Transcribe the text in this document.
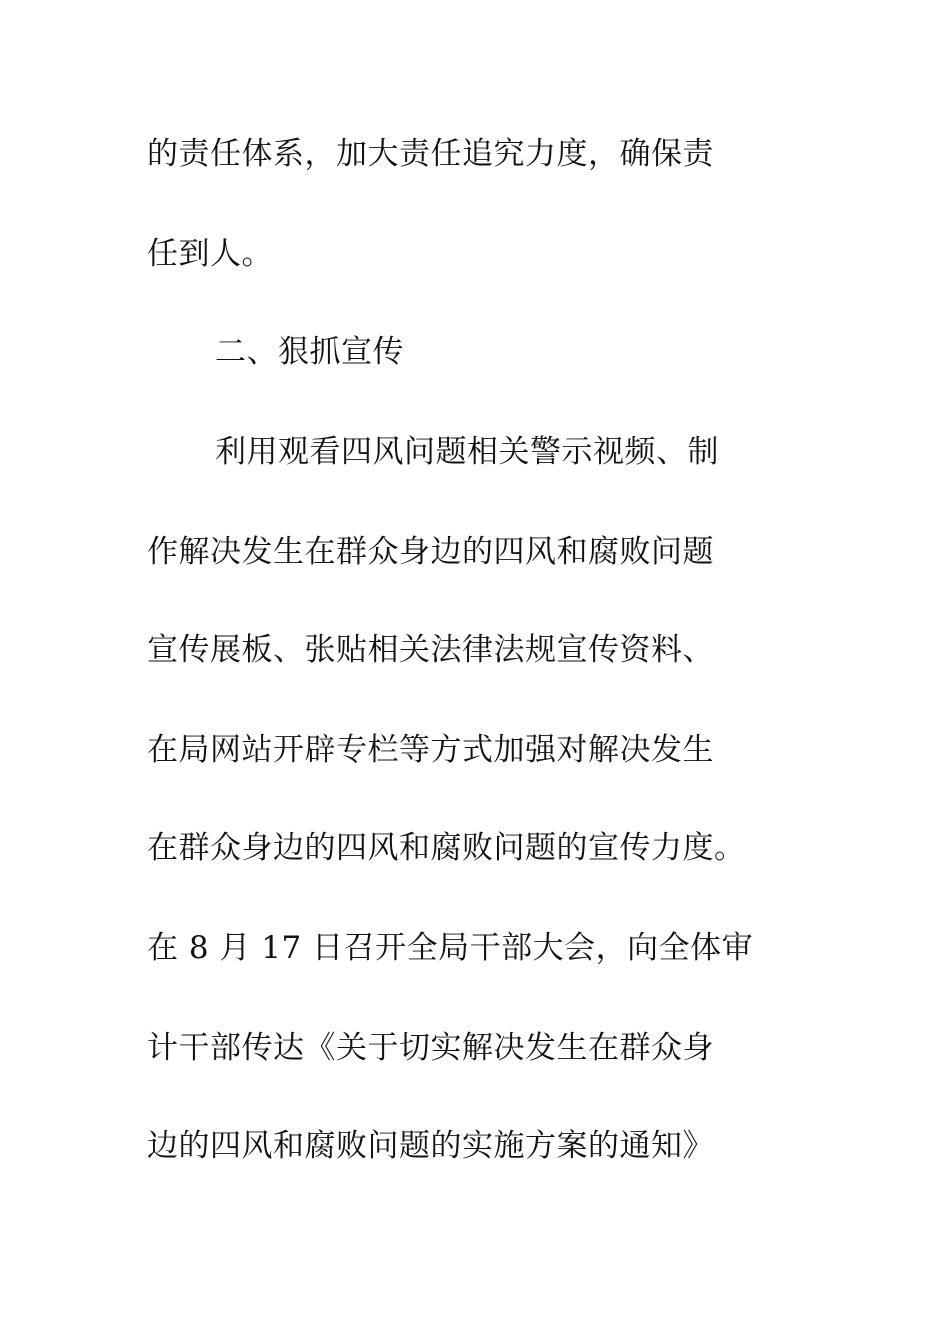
的责任体系，加大责任追究力度，确保责
任到人。
二、狠抓宣传
利用观看四风问题相关警示视频、制
作解决发生在群众身边的四风和腐败问题
宣传展板、张贴相关法律法规宣传资料、
在局网站开辟专栏等方式加强对解决发生
在群众身边的四风和腐败问题的宣传力度。
在 8 月 17 日召开全局干部大会，向全体审
计干部传达《关于切实解决发生在群众身
边的四风和腐败问题的实施方案的通知》
